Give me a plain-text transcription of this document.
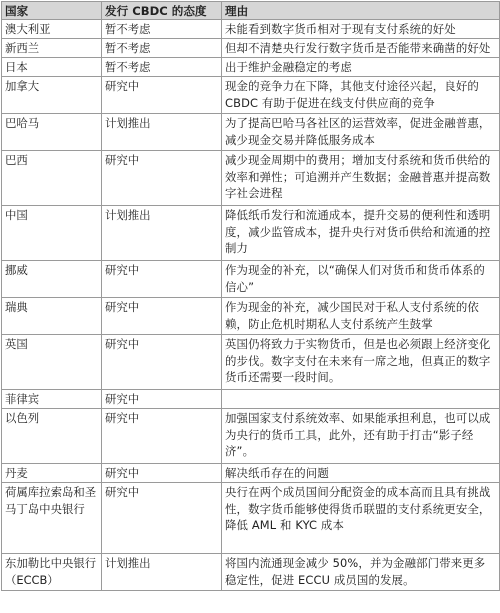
国家	发行 CBDC 的态度	理由
澳大利亚	暂不考虑	未能看到数字货币相对于现有支付系统的好处
新西兰	暂不考虑	但却不清楚央行发行数字货币是否能带来确凿的好处
日本	暂不考虑	出于维护金融稳定的考虑
加拿大	研究中	现金的竞争力在下降，其他支付途径兴起，良好的 CBDC 有助于促进在线支付供应商的竞争
巴哈马	计划推出	为了提高巴哈马各社区的运营效率，促进金融普惠，减少现金交易并降低服务成本
巴西	研究中	减少现金周期中的费用；增加支付系统和货币供给的效率和弹性；可追溯并产生数据；金融普惠并提高数字社会进程
中国	计划推出	降低纸币发行和流通成本，提升交易的便利性和透明度，减少监管成本，提升央行对货币供给和流通的控制力
挪威	研究中	作为现金的补充，以“确保人们对货币和货币体系的信心”
瑞典	研究中	作为现金的补充，减少国民对于私人支付系统的依赖，防止危机时期私人支付系统产生鼓掌
英国	研究中	英国仍将致力于实物货币，但是也必须跟上经济变化的步伐。数字支付在未来有一席之地，但真正的数字货币还需要一段时间。
菲律宾	研究中	
以色列	研究中	加强国家支付系统效率、如果能承担利息，也可以成为央行的货币工具，此外，还有助于打击“影子经济”。
丹麦	研究中	解决纸币存在的问题
荷属库拉索岛和圣马丁岛中央银行	研究中	央行在两个成员国间分配资金的成本高而且具有挑战性，数字货币能够使得货币联盟的支付系统更安全，降低 AML 和 KYC 成本
东加勒比中央银行（ECCB）	计划推出	将国内流通现金减少 50%，并为金融部门带来更多稳定性，促进 ECCU 成员国的发展。
